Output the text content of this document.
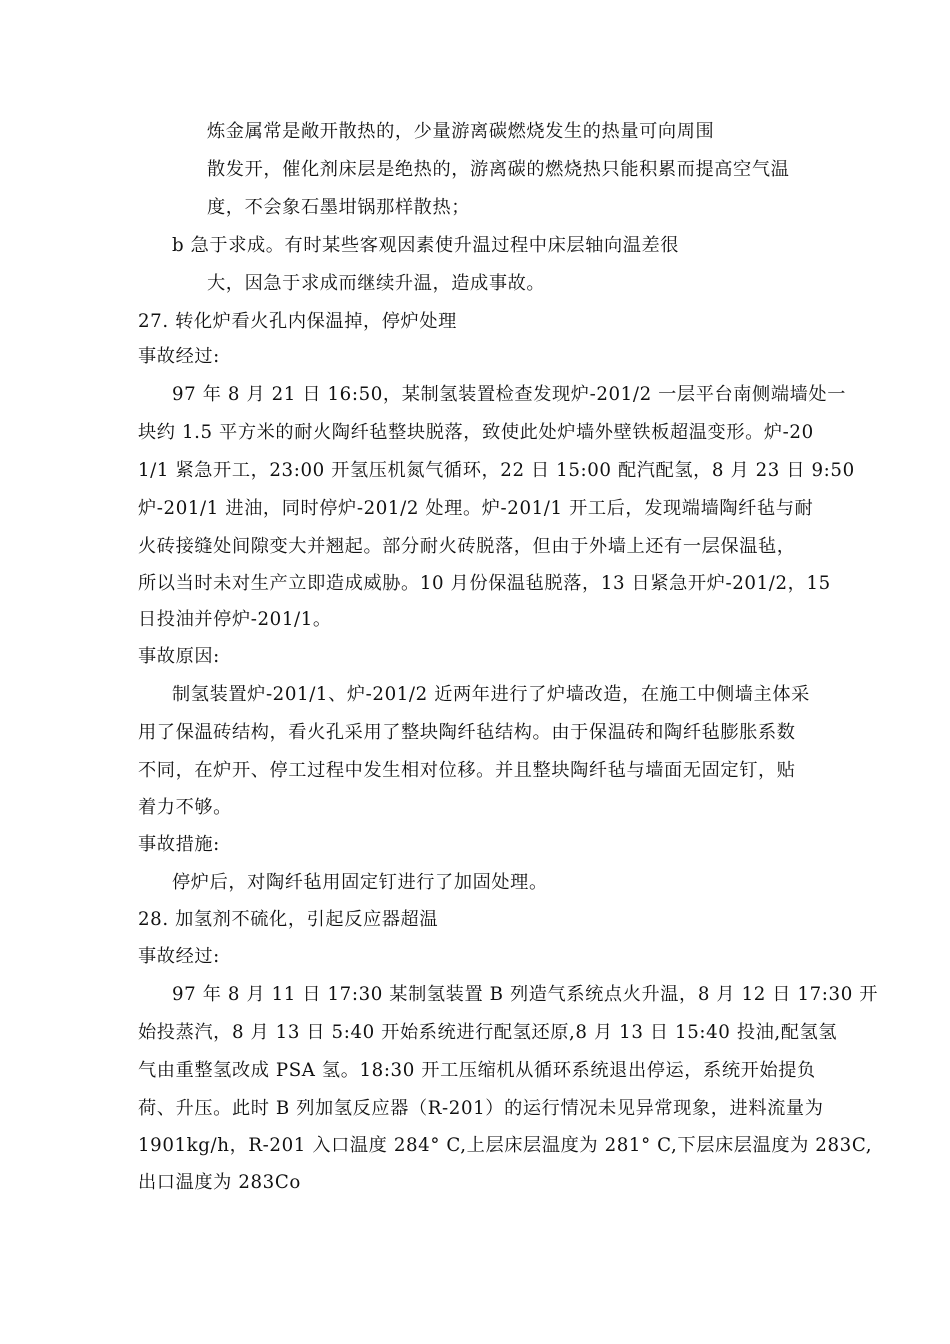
炼金属常是敞开散热的，少量游离碳燃烧发生的热量可向周围
散发开，催化剂床层是绝热的，游离碳的燃烧热只能积累而提高空气温
度，不会象石墨坩锅那样散热；
b 急于求成。有时某些客观因素使升温过程中床层轴向温差很
大，因急于求成而继续升温，造成事故。
27. 转化炉看火孔内保温掉，停炉处理
事故经过:
97 年 8 月 21 日 16:50，某制氢装置检查发现炉-201/2 一层平台南侧端墙处一
块约 1.5 平方米的耐火陶纤毡整块脱落，致使此处炉墙外壁铁板超温变形。炉-20
1/1 紧急开工，23:00 开氢压机氮气循环，22 日 15:00 配汽配氢，8 月 23 日 9:50
炉-201/1 进油，同时停炉-201/2 处理。炉-201/1 开工后，发现端墙陶纤毡与耐
火砖接缝处间隙变大并翘起。部分耐火砖脱落，但由于外墙上还有一层保温毡，
所以当时未对生产立即造成威胁。10 月份保温毡脱落，13 日紧急开炉-201/2，15
日投油并停炉-201/1。
事故原因:
制氢装置炉-201/1、炉-201/2 近两年进行了炉墙改造，在施工中侧墙主体采
用了保温砖结构，看火孔采用了整块陶纤毡结构。由于保温砖和陶纤毡膨胀系数
不同，在炉开、停工过程中发生相对位移。并且整块陶纤毡与墙面无固定钉，贴
着力不够。
事故措施:
停炉后，对陶纤毡用固定钉进行了加固处理。
28. 加氢剂不硫化，引起反应器超温
事故经过:
97 年 8 月 11 日 17:30 某制氢装置 B 列造气系统点火升温，8 月 12 日 17:30 开
始投蒸汽，8 月 13 日 5:40 开始系统进行配氢还原,8 月 13 日 15:40 投油,配氢氢
气由重整氢改成 PSA 氢。18:30 开工压缩机从循环系统退出停运，系统开始提负
荷、升压。此时 B 列加氢反应器（R-201）的运行情况未见异常现象，进料流量为
1901kg/h，R-201 入口温度 284° C,上层床层温度为 281° C,下层床层温度为 283C,
出口温度为 283Co
